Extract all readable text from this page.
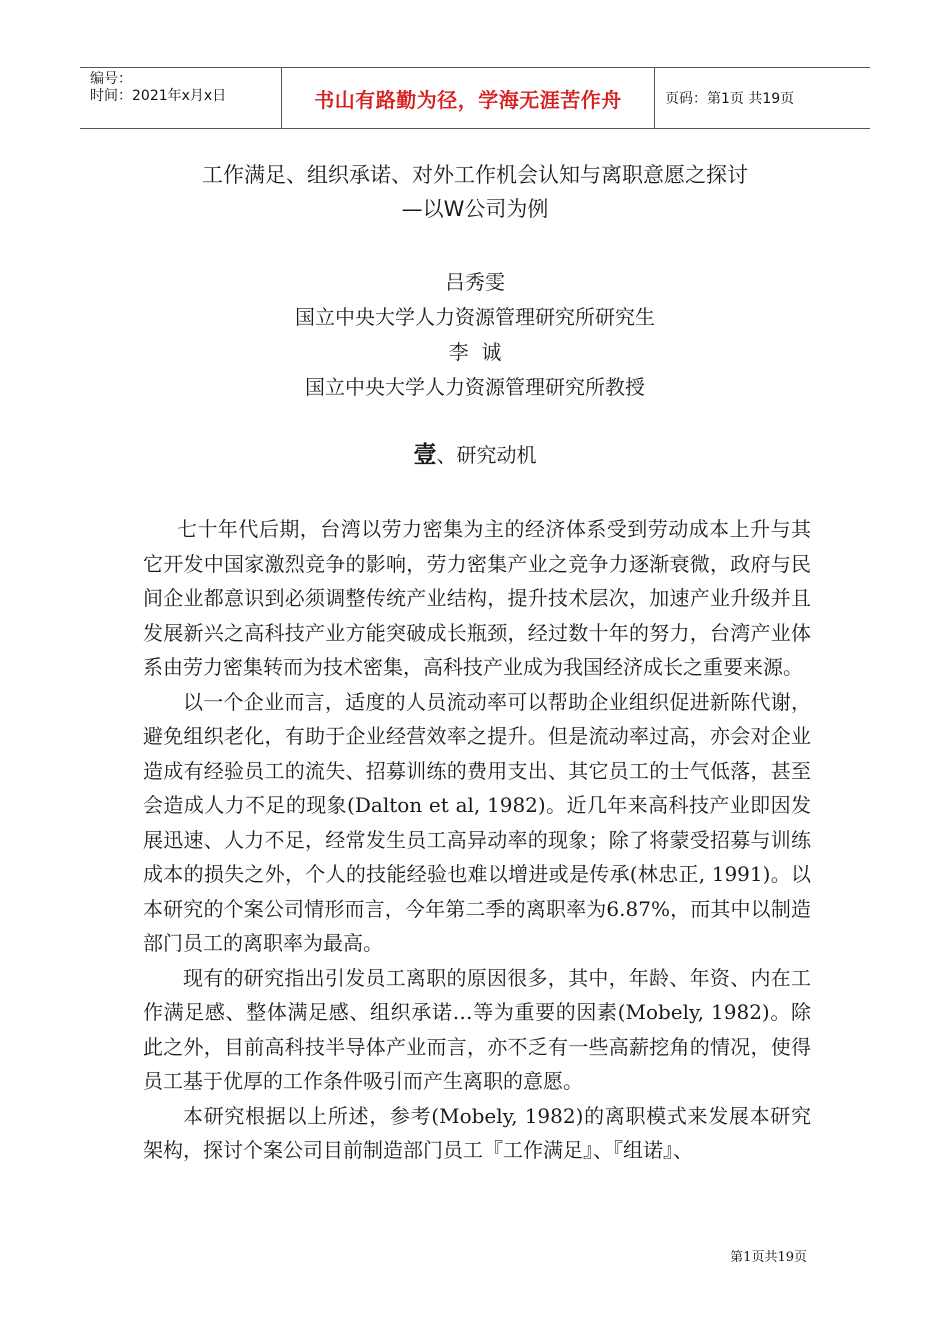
编号：
时间：2021年x月x日	书山有路勤为径，学海无涯苦作舟	页码：第1页 共19页
工作满足、组织承诺、对外工作机会认知与离职意愿之探讨
—以W公司为例
吕秀雯
国立中央大学人力资源管理研究所研究生
李  诚
国立中央大学人力资源管理研究所教授
壹、研究动机

七十年代后期，台湾以劳力密集为主的经济体系受到劳动成本上升与其它开发中国家激烈竞争的影响，劳力密集产业之竞争力逐渐衰微，政府与民间企业都意识到必须调整传统产业结构，提升技术层次，加速产业升级并且发展新兴之高科技产业方能突破成长瓶颈，经过数十年的努力，台湾产业体系由劳力密集转而为技术密集，高科技产业成为我国经济成长之重要来源。

以一个企业而言，适度的人员流动率可以帮助企业组织促进新陈代谢，避免组织老化，有助于企业经营效率之提升。但是流动率过高，亦会对企业造成有经验员工的流失、招募训练的费用支出、其它员工的士气低落，甚至会造成人力不足的现象(Dalton et al, 1982)。近几年来高科技产业即因发展迅速、人力不足，经常发生员工高异动率的现象；除了将蒙受招募与训练成本的损失之外，个人的技能经验也难以增进或是传承(林忠正, 1991)。以本研究的个案公司情形而言，今年第二季的离职率为6.87%，而其中以制造部门员工的离职率为最高。

现有的研究指出引发员工离职的原因很多，其中，年龄、年资、内在工作满足感、整体满足感、组织承诺…等为重要的因素(Mobely, 1982)。除此之外，目前高科技半导体产业而言，亦不乏有一些高薪挖角的情况，使得员工基于优厚的工作条件吸引而产生离职的意愿。

本研究根据以上所述，参考(Mobely, 1982)的离职模式来发展本研究架构，探讨个案公司目前制造部门员工『工作满足』、『组诺』、

第1页共19页
